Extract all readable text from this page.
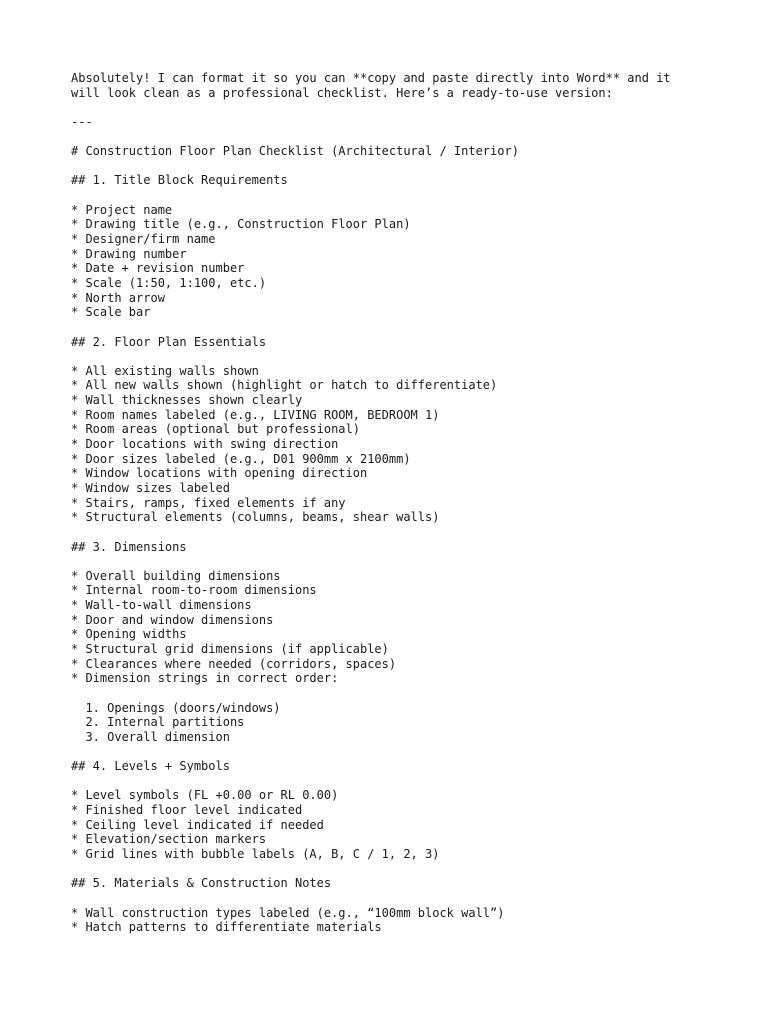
Absolutely! I can format it so you can **copy and paste directly into Word** and it
will look clean as a professional checklist. Here’s a ready-to-use version:
---
# Construction Floor Plan Checklist (Architectural / Interior)
## 1. Title Block Requirements
* Project name
* Drawing title (e.g., Construction Floor Plan)
* Designer/firm name
* Drawing number
* Date + revision number
* Scale (1:50, 1:100, etc.)
* North arrow
* Scale bar
## 2. Floor Plan Essentials
* All existing walls shown
* All new walls shown (highlight or hatch to differentiate)
* Wall thicknesses shown clearly
* Room names labeled (e.g., LIVING ROOM, BEDROOM 1)
* Room areas (optional but professional)
* Door locations with swing direction
* Door sizes labeled (e.g., D01 900mm x 2100mm)
* Window locations with opening direction
* Window sizes labeled
* Stairs, ramps, fixed elements if any
* Structural elements (columns, beams, shear walls)
## 3. Dimensions
* Overall building dimensions
* Internal room-to-room dimensions
* Wall-to-wall dimensions
* Door and window dimensions
* Opening widths
* Structural grid dimensions (if applicable)
* Clearances where needed (corridors, spaces)
* Dimension strings in correct order:
1. Openings (doors/windows)
2. Internal partitions
3. Overall dimension
## 4. Levels + Symbols
* Level symbols (FL +0.00 or RL 0.00)
* Finished floor level indicated
* Ceiling level indicated if needed
* Elevation/section markers
* Grid lines with bubble labels (A, B, C / 1, 2, 3)
## 5. Materials & Construction Notes
* Wall construction types labeled (e.g., “100mm block wall”)
* Hatch patterns to differentiate materials
